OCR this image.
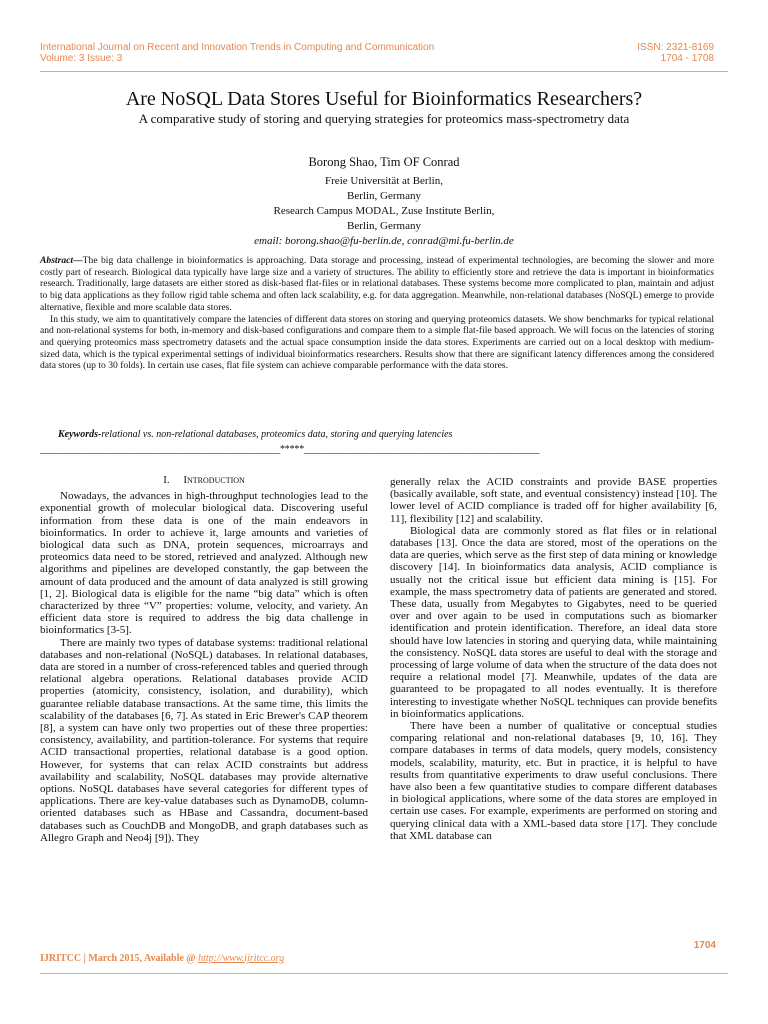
International Journal on Recent and Innovation Trends in Computing and Communication
Volume: 3 Issue: 3
ISSN: 2321-8169
1704 - 1708
Are NoSQL Data Stores Useful for Bioinformatics Researchers?
A comparative study of storing and querying strategies for proteomics mass-spectrometry data
Borong Shao, Tim OF Conrad
Freie Universität at Berlin,
Berlin, Germany
Research Campus MODAL, Zuse Institute Berlin,
Berlin, Germany
email: borong.shao@fu-berlin.de, conrad@mi.fu-berlin.de

Abstract—The big data challenge in bioinformatics is approaching. Data storage and processing, instead of experimental technologies, are becoming the slower and more costly part of research. Biological data typically have large size and a variety of structures. The ability to efficiently store and retrieve the data is important in bioinformatics research. Traditionally, large datasets are either stored as disk-based flat-files or in relational databases. These systems become more complicated to plan, maintain and adjust to big data applications as they follow rigid table schema and often lack scalability, e.g. for data aggregation. Meanwhile, non-relational databases (NoSQL) emerge to provide alternative, flexible and more scalable data stores.

In this study, we aim to quantitatively compare the latencies of different data stores on storing and querying proteomics datasets. We show benchmarks for typical relational and non-relational systems for both, in-memory and disk-based configurations and compare them to a simple flat-file based approach. We will focus on the latencies of storing and querying proteomics mass spectrometry datasets and the actual space consumption inside the data stores. Experiments are carried out on a local desktop with medium-sized data, which is the typical experimental settings of individual bioinformatics researchers. Results show that there are significant latency differences among the considered data stores (up to 30 folds). In certain use cases, flat file system can achieve comparable performance with the data stores.

Keywords-relational vs. non-relational databases, proteomics data, storing and querying latencies
__________________________________________________*****_________________________________________________
I. Introduction

Nowadays, the advances in high-throughput technologies lead to the exponential growth of molecular biological data. Discovering useful information from these data is one of the main endeavors in bioinformatics. In order to achieve it, large amounts and varieties of biological data such as DNA, protein sequences, microarrays and proteomics data need to be stored, retrieved and analyzed. Although new algorithms and pipelines are developed constantly, the gap between the amount of data produced and the amount of data analyzed is still growing [1, 2]. Biological data is eligible for the name “big data” which is often characterized by three “V” properties: volume, velocity, and variety. An efficient data store is required to address the big data challenge in bioinformatics [3-5].

There are mainly two types of database systems: traditional relational databases and non-relational (NoSQL) databases. In relational databases, data are stored in a number of cross-referenced tables and queried through relational algebra operations. Relational databases provide ACID properties (atomicity, consistency, isolation, and durability), which guarantee reliable database transactions. At the same time, this limits the scalability of the databases [6, 7]. As stated in Eric Brewer's CAP theorem [8], a system can have only two properties out of these three properties: consistency, availability, and partition-tolerance. For systems that require ACID transactional properties, relational database is a good option. However, for systems that can relax ACID constraints but address availability and scalability, NoSQL databases may provide alternative options. NoSQL databases have several categories for different types of applications. There are key-value databases such as DynamoDB, column-oriented databases such as HBase and Cassandra, document-based databases such as CouchDB and MongoDB, and graph databases such as Allegro Graph and Neo4j [9]). They

generally relax the ACID constraints and provide BASE properties (basically available, soft state, and eventual consistency) instead [10]. The lower level of ACID compliance is traded off for higher availability [6, 11], flexibility [12] and scalability.

Biological data are commonly stored as flat files or in relational databases [13]. Once the data are stored, most of the operations on the data are queries, which serve as the first step of data mining or knowledge discovery [14]. In bioinformatics data analysis, ACID compliance is usually not the critical issue but efficient data mining is [15]. For example, the mass spectrometry data of patients are generated and stored. These data, usually from Megabytes to Gigabytes, need to be queried over and over again to be used in computations such as biomarker identification and protein identification. Therefore, an ideal data store should have low latencies in storing and querying data, while maintaining the consistency. NoSQL data stores are useful to deal with the storage and processing of large volume of data when the structure of the data does not require a relational model [7]. Meanwhile, updates of the data are guaranteed to be propagated to all nodes eventually. It is therefore interesting to investigate whether NoSQL techniques can provide benefits in bioinformatics applications.

There have been a number of qualitative or conceptual studies comparing relational and non-relational databases [9, 10, 16]. They compare databases in terms of data models, query models, consistency models, scalability, maturity, etc. But in practice, it is helpful to have results from quantitative experiments to draw useful conclusions. There have also been a few quantitative studies to compare different databases in biological applications, where some of the data stores are employed in certain use cases. For example, experiments are performed on storing and querying clinical data with a XML-based data store [17]. They conclude that XML database can

1704
IJRITCC | March 2015, Available @ http://www.ijritcc.org
